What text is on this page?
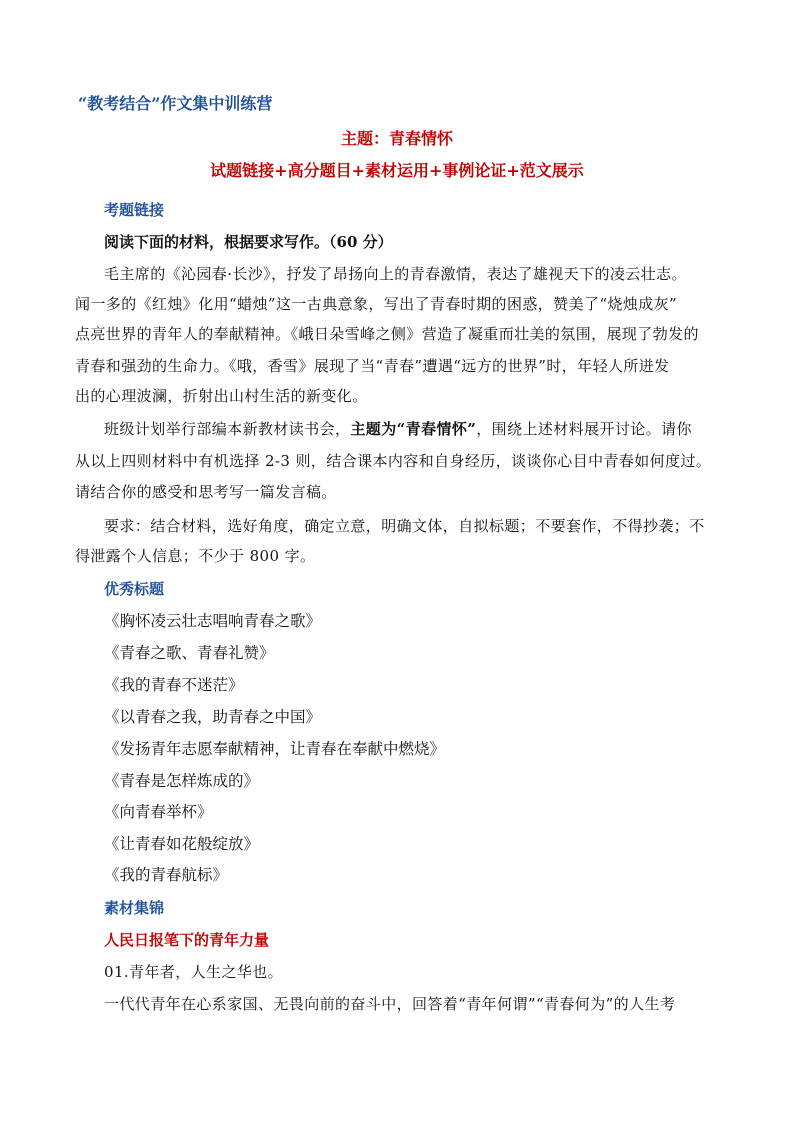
“教考结合”作文集中训练营
主题：青春情怀
试题链接+高分题目+素材运用+事例论证+范文展示
考题链接
阅读下面的材料，根据要求写作。（60 分）
毛主席的《沁园春·长沙》，抒发了昂扬向上的青春激情，表达了雄视天下的凌云壮志。
闻一多的《红烛》化用“蜡烛”这一古典意象，写出了青春时期的困惑，赞美了“烧烛成灰”
点亮世界的青年人的奉献精神。《峨日朵雪峰之侧》营造了凝重而壮美的氛围，展现了勃发的
青春和强劲的生命力。《哦，香雪》展现了当“青春”遭遇“远方的世界”时，年轻人所迸发
出的心理波澜，折射出山村生活的新变化。
班级计划举行部编本新教材读书会，主题为“青春情怀”，围绕上述材料展开讨论。请你
从以上四则材料中有机选择 2-3 则，结合课本内容和自身经历，谈谈你心目中青春如何度过。
请结合你的感受和思考写一篇发言稿。
要求：结合材料，选好角度，确定立意，明确文体，自拟标题；不要套作，不得抄袭；不
得泄露个人信息；不少于 800 字。
优秀标题
《胸怀凌云壮志唱响青春之歌》
《青春之歌、青春礼赞》
《我的青春不迷茫》
《以青春之我，助青春之中国》
《发扬青年志愿奉献精神，让青春在奉献中燃烧》
《青春是怎样炼成的》
《向青春举杯》
《让青春如花般绽放》
《我的青春航标》
素材集锦
人民日报笔下的青年力量
01.青年者，人生之华也。
一代代青年在心系家国、无畏向前的奋斗中，回答着“青年何谓”“青春何为”的人生考
